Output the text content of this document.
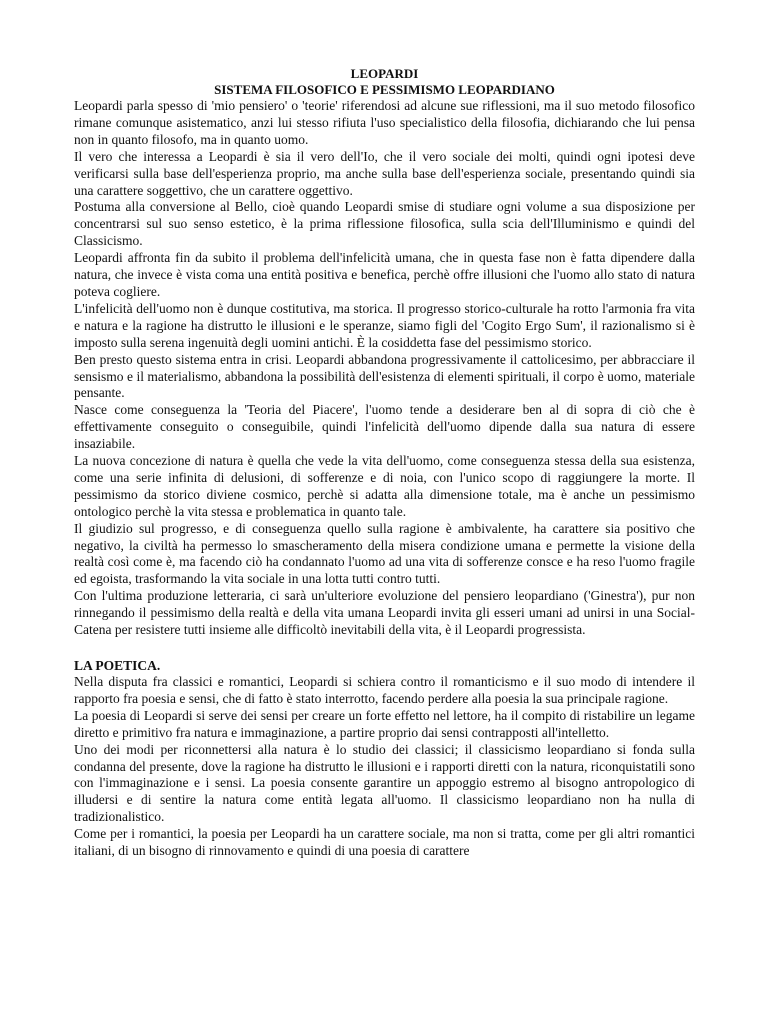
LEOPARDI
SISTEMA FILOSOFICO E PESSIMISMO LEOPARDIANO

Leopardi parla spesso di 'mio pensiero' o 'teorie' riferendosi ad alcune sue riflessioni, ma il suo metodo filosofico rimane comunque asistematico, anzi lui stesso rifiuta l'uso specialistico della filosofia, dichiarando che lui pensa non in quanto filosofo, ma in quanto uomo.

Il vero che interessa a Leopardi è sia il vero dell'Io, che il vero sociale dei molti, quindi ogni ipotesi deve verificarsi sulla base dell'esperienza proprio, ma anche sulla base dell'esperienza sociale, presentando quindi sia una carattere soggettivo, che un carattere oggettivo.

Postuma alla conversione al Bello, cioè quando Leopardi smise di studiare ogni volume a sua disposizione per concentrarsi sul suo senso estetico, è la prima riflessione filosofica, sulla scia dell'Illuminismo e quindi del Classicismo.

Leopardi affronta fin da subito il problema dell'infelicità umana, che in questa fase non è fatta dipendere dalla natura, che invece è vista coma una entità positiva e benefica, perchè offre illusioni che l'uomo allo stato di natura poteva cogliere.

L'infelicità dell'uomo non è dunque costitutiva, ma storica. Il progresso storico-culturale ha rotto l'armonia fra vita e natura e la ragione ha distrutto le illusioni e le speranze, siamo figli del 'Cogito Ergo Sum', il razionalismo si è imposto sulla serena ingenuità degli uomini antichi. È la cosiddetta fase del pessimismo storico.

Ben presto questo sistema entra in crisi. Leopardi abbandona progressivamente il cattolicesimo, per abbracciare il sensismo e il materialismo, abbandona la possibilità dell'esistenza di elementi spirituali, il corpo è uomo, materiale pensante.

Nasce come conseguenza la 'Teoria del Piacere', l'uomo tende a desiderare ben al di sopra di ciò che è effettivamente conseguito o conseguibile, quindi l'infelicità dell'uomo dipende dalla sua natura di essere insaziabile.

La nuova concezione di natura è quella che vede la vita dell'uomo, come conseguenza stessa della sua esistenza, come una serie infinita di delusioni, di sofferenze e di noia, con l'unico scopo di raggiungere la morte. Il pessimismo da storico diviene cosmico, perchè si adatta alla dimensione totale, ma è anche un pessimismo ontologico perchè la vita stessa e problematica in quanto tale.

Il giudizio sul progresso, e di conseguenza quello sulla ragione è ambivalente, ha carattere sia positivo che negativo, la civiltà ha permesso lo smascheramento della misera condizione umana e permette la visione della realtà così come è, ma facendo ciò ha condannato l'uomo ad una vita di sofferenze consce e ha reso l'uomo fragile ed egoista, trasformando la vita sociale in una lotta tutti contro tutti.

Con l'ultima produzione letteraria, ci sarà un'ulteriore evoluzione del pensiero leopardiano ('Ginestra'), pur non rinnegando il pessimismo della realtà e della vita umana Leopardi invita gli esseri umani ad unirsi in una Social-Catena per resistere tutti insieme alle difficoltò inevitabili della vita, è il Leopardi progressista.

LA POETICA.

Nella disputa fra classici e romantici, Leopardi si schiera contro il romanticismo e il suo modo di intendere il rapporto fra poesia e sensi, che di fatto è stato interrotto, facendo perdere alla poesia la sua principale ragione.

La poesia di Leopardi si serve dei sensi per creare un forte effetto nel lettore, ha il compito di ristabilire un legame diretto e primitivo fra natura e immaginazione, a partire proprio dai sensi contrapposti all'intelletto.

Uno dei modi per riconnettersi alla natura è lo studio dei classici; il classicismo leopardiano si fonda sulla condanna del presente, dove la ragione ha distrutto le illusioni e i rapporti diretti con la natura, riconquistatili sono con l'immaginazione e i sensi. La poesia consente garantire un appoggio estremo al bisogno antropologico di illudersi e di sentire la natura come entità legata all'uomo. Il classicismo leopardiano non ha nulla di tradizionalistico.

Come per i romantici, la poesia per Leopardi ha un carattere sociale, ma non si tratta, come per gli altri romantici italiani, di un bisogno di rinnovamento e quindi di una poesia di carattere
